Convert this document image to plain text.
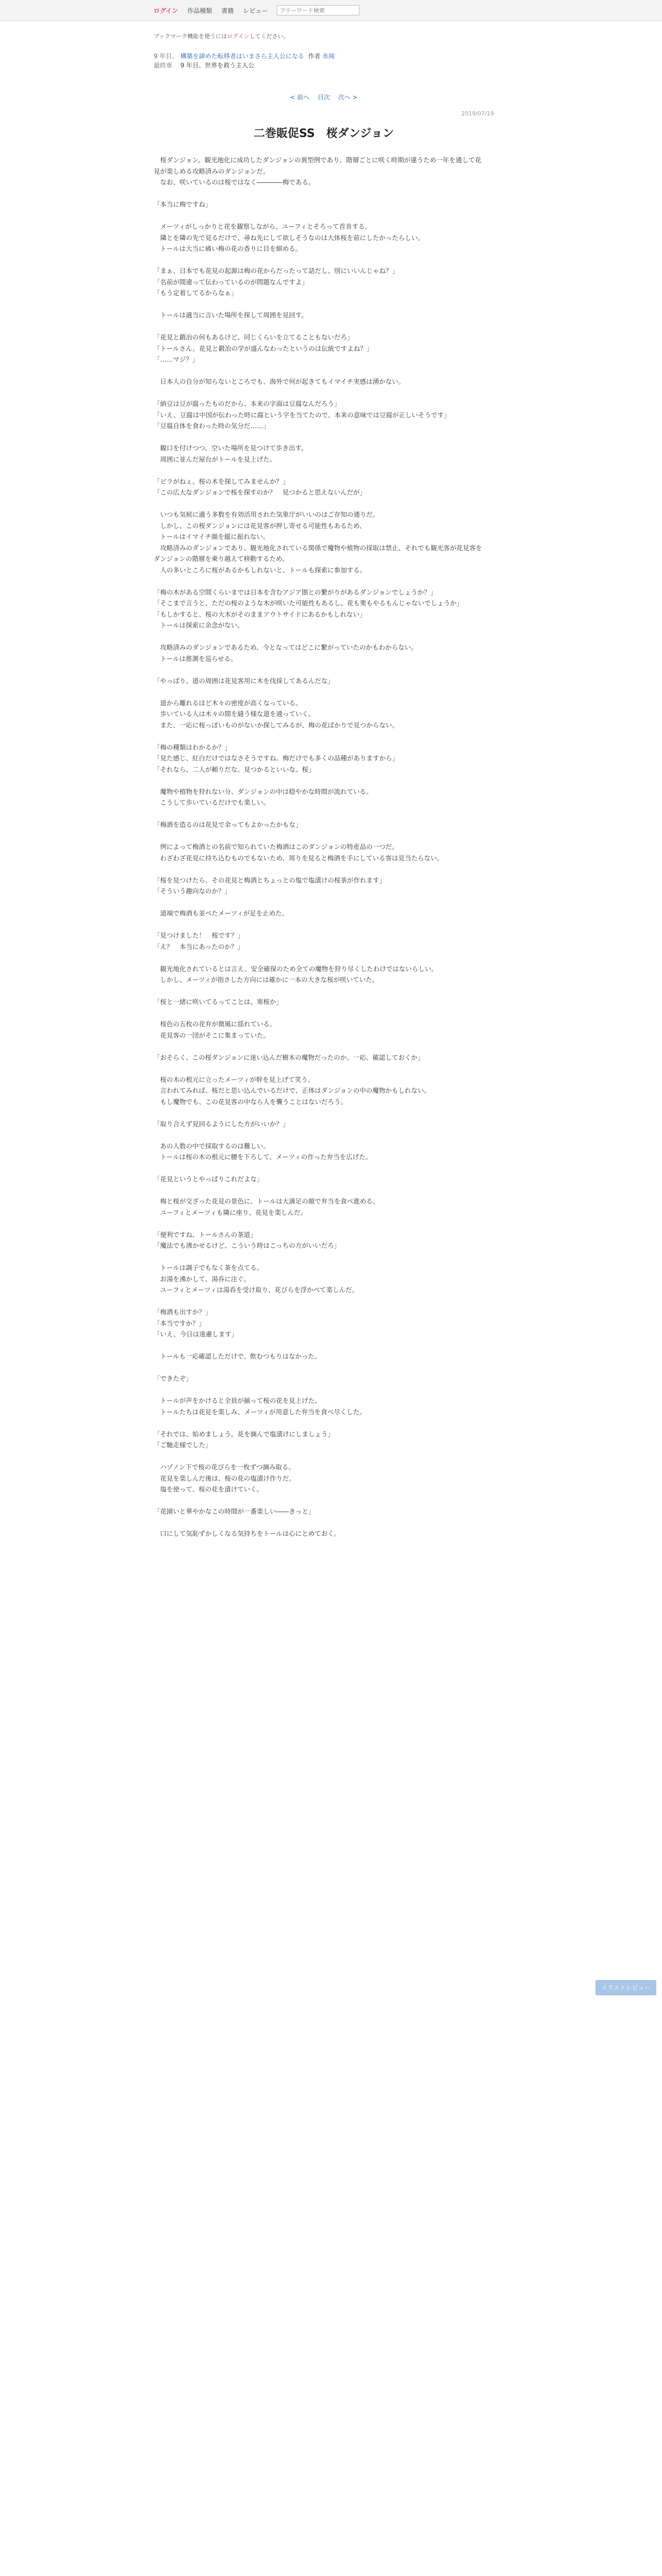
ログイン 作品種類 書籍 レビュー
フリーワード検索
ブックマーク機能を使うにはログインしてください。
9 年目、 構築を諦めた転移者はいまさら主人公になる 作者 氷純
最終章 9 年目、世界を救う主人公
< 前へ 目次 次へ >
2019/07/19
二巻販促SS　桜ダンジョン
　桜ダンジョン。観光地化に成功したダンジョンの異型例であり、階層ごとに咲く時期が違うため一年を通して花見が楽しめる攻略済みのダンジョンだ。
　なお、咲いているのは桜ではなく――――梅である。

「本当に梅ですね」

　メーツィがしっかりと花を観察しながら、ユーフィとそろって首肯する。
　隣とを隣の先で見るだけで、尋ね先にして欲しそうなのは大体桜を前にしたかったらしい。
　トールは大当に痛い梅の花の香りに目を細める。

「まぁ、日本でも花見の起源は梅の花からだったって話だし、別にいいんじゃね？」
「名前が間違って伝わっているのが問題なんですよ」
「もう定着してるからなぁ」

　トールは適当に言いた場所を探して周囲を見回す。

「花見と鍛冶の何もあるけど、同じくらいを立てることもないだろ」
「トールさん。花見と鍛冶の学が盛んなわったというのは伝統ですよね？」
「……マジ？」

　日本人の自分が知らないところでも、海外で何が起きてもイマイチ実感は湧かない。

「納豆は豆が腐ったものだから、本来の字面は豆腐なんだろう」
「いえ、豆腐は中国が伝わった時に腐という字を当てたので、本来の意味では豆腐が正しいそうです」
「豆腐自体を食わった時の気分だ……」

　観口を付けつつ、空いた場所を見つけて歩き出す。
　周囲に並んだ屋台がトールを見上げた。

「ビラがねぇ。桜の木を探してみませんか？」
「この広大なダンジョンで桜を探すのか？　見つかると思えないんだが」

　いつも気候に適う多数を有効活用された気象庁がいいのはご存知の通りだ。
　しかし、この桜ダンジョンには花見客が押し寄せる可能性もあるため、
　トールはイマイチ顔を縦に振れない。
　攻略済みのダンジョンであり、観光地化されている関係で魔物や植物の採取は禁止、それでも観光客が花見客をダンジョンの階層を乗り越えて移動するため、
　人の多いところに桜があるかもしれないと、トールも探索に参加する。

「梅の木がある空間くらいまでは日本を含むアジア圏との繋がりがあるダンジョンでしょうか？」
「そこまで言うと、ただの桜のような木が咲いた可能性もあるし、花も栗もやるもんじゃないでしょうか」
「もしかすると、桜の大木がそのままアウトサイドにあるかもしれない」
　トールは探索に余念がない。

　攻略済みのダンジョンであるため、今となってはどこに繋がっていたのかもわからない。
　トールは推測を巡らせる。

「やっぱり、道の周囲は花見客用に木を伐採してあるんだな」

　道から離れるほど木々の密度が高くなっている。
　歩いている人は木々の間を縫う様な道を通っていく。
　また、一応に桜っぽいものがないか探してみるが、梅の花ばかりで見つからない。

「梅の種類はわかるか？」
「見た感じ、紅白だけではなさそうですね。梅だけでも多くの品種がありますから」
「それなら、二人が頼りだな。見つかるといいな、桜」

　魔物や植物を狩れない分、ダンジョンの中は穏やかな時間が流れている。
　こうして歩いているだけでも楽しい。

「梅酒を造るのは花見で余ってもよかったかもな」

　例によって梅酒との名前で知られていた梅酒はこのダンジョンの特産品の一つだ。
　わざわざ花見に持ち込むものでもないため、周りを見ると梅酒を手にしている客は見当たらない。

「桜を見つけたら、その花見と梅酒とちょっとの塩で塩漬けの桜茶が作れます」
「そういう趣向なのか？」

　道端で梅酒も並べたメーツィが足を止めた。

「見つけました！　桜です？」
「え？　本当にあったのか？」

　観光地化されているとは言え、安全確保のため全ての魔物を狩り尽くしたわけではないらしい。
　しかし、メーツィが指さした方向には確かに一本の大きな桜が咲いていた。

「桜と一緒に咲いてるってことは、寒桜か」

　桜色の五枚の花弁が微風に揺れている。
　花見客の一団がそこに集まっていた。

「おそらく、この桜ダンジョンに迷い込んだ樹木の魔物だったのか。一応、確認しておくか」

　桜の木の根元に立ったメーツィが幹を見上げて笑う。
　言われてみれば、桜だと思い込んでいるだけで、正体はダンジョンの中の魔物かもしれない。
　もし魔物でも、この花見客の中なら人を襲うことはないだろう。

「取り合えず見回るようにした方がいいか？」

　あの人数の中で採取するのは難しい。
　トールは桜の木の根元に腰を下ろして、メーツィの作った弁当を広げた。

「花見というとやっぱりこれだよな」

　梅と桜が交ざった花見の景色に、トールは大満足の顔で弁当を食べ進める。
　ユーフィとメーツィも隣に座り、花見を楽しんだ。

「便利ですね、トールさんの茶道」
「魔法でも沸かせるけど、こういう時はこっちの方がいいだろ」

　トールは調子でもなく茶を点てる。
　お湯を沸かして、湯呑に注ぐ。
　ユーフィとメーツィは湯呑を受け取り、花びらを浮かべて楽しんだ。

「梅酒も出すか？」
「本当ですか？」
「いえ、今日は遠慮します」

　トールも一応確認しただけで、飲むつもりはなかった。

「できたぞ」

　トールが声をかけると全員が揃って桜の花を見上げた。
　トールたちは花見を楽しみ、メーツィが用意した弁当を食べ尽くした。

「それでは、始めましょう。花を摘んで塩漬けにしましょう」
「ご馳走様でした」

　ハゾノン下で桜の花びらを一枚ずつ摘み取る。
　花見を楽しんだ後は、桜の花の塩漬け作りだ。
　塩を使って、桜の花を漬けていく。

「花園いと華やかなこの時間が一番楽しい――きっと」

　口にして気恥ずかしくなる気持ちをトールは心にとめておく。
イラストレビュー
